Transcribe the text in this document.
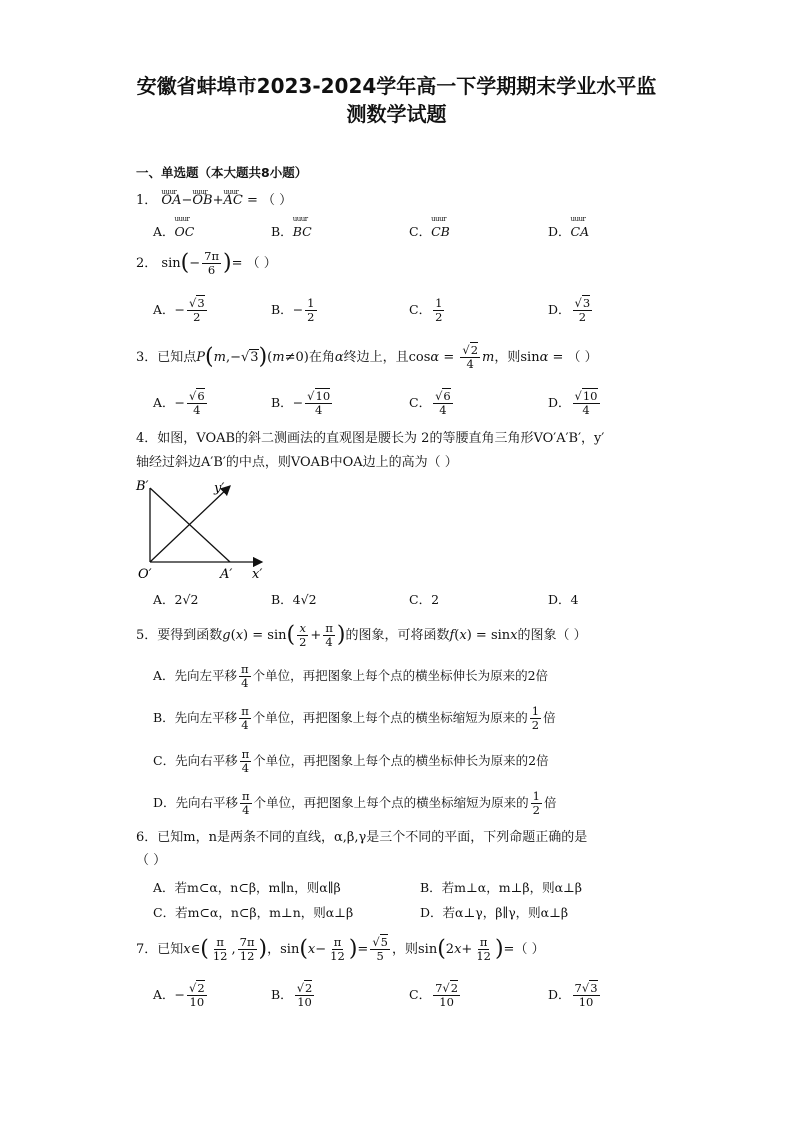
安徽省蚌埠市2023-2024学年高一下学期期末学业水平监
测数学试题
一、单选题（本大题共8小题）
1． uuur OA−uuur OB+uuur AC = （ ）
A．uuur OC	B．uuur BC	C．uuur CB	D．uuur CA
2． $\sin(- \frac{7\pi}{6}$ )= （ ）
A．− $\frac{√3}{2}$	B．− $\frac{1}{2}$	C． $\frac{1}{2}$	D． $\frac{√3}{2}$
3．已知点P(m,−√3)(m≠0)在角α终边上，且$\cos\alpha = \frac{√2}{4}$ m，则sinα = （ ）
A．− $\frac{√6}{4}$	B．− $\frac{√10}{4}$	C． $\frac{√6}{4}$	D． $\frac{√10}{4}$
4．如图，VOAB的斜二测画法的直观图是腰长为 2的等腰直角三角形VO′A′B′，y′
轴经过斜边A′B′的中点，则VOAB中OA边上的高为（ ）
B′	y′
O′	A′ x′
A．2√2	B．4√2	C．2	D．4
5．要得到函数$g(x) = \sin( \frac{x}{2} + \frac{\pi}{4}$ )的图象，可将函数f(x) = sinx的图象（ ）
A．先向左平移 $\frac{\pi}{4}$ 个单位，再把图象上每个点的横坐标伸长为原来的2倍
B．先向左平移 $\frac{\pi}{4}$ 个单位，再把图象上每个点的横坐标缩短为原来的 $\frac{1}{2}$ 倍
C．先向右平移 $\frac{\pi}{4}$ 个单位，再把图象上每个点的横坐标伸长为原来的2倍
D．先向右平移 $\frac{\pi}{4}$ 个单位，再把图象上每个点的横坐标缩短为原来的 $\frac{1}{2}$ 倍
6．已知m，n是两条不同的直线，α,β,γ是三个不同的平面，下列命题正确的是
（ ）
A．若m⊂α，n⊂β，m∥n，则α∥β	B．若m⊥α，m⊥β，则α⊥β
C．若m⊂α，n⊂β，m⊥n，则α⊥β	D．若α⊥γ，β∥γ，则α⊥β
7．已知x∈( $\frac{\pi}{12}$ , $\frac{7\pi}{12}$ )，$\sin(x- \frac{\pi}{12}$ )= $\frac{√5}{5}$ ，则$\sin(2x+ \frac{\pi}{12}$ )=（ ）
A．− $\frac{√2}{10}$	B． $\frac{√2}{10}$	C． $\frac{7√2}{10}$	D． $\frac{7√3}{10}$
